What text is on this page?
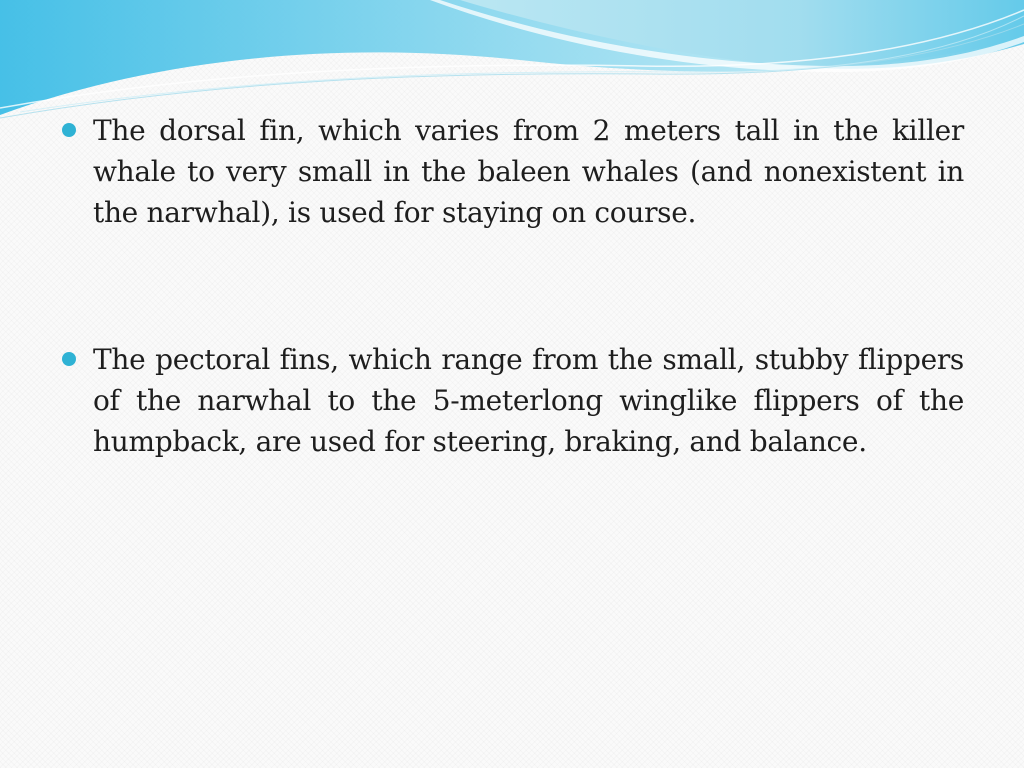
The dorsal fin, which varies from 2 meters tall in the killer whale to very small in the baleen whales (and nonexistent in the narwhal), is used for staying on course.
The pectoral fins, which range from the small, stubby flippers of the narwhal to the 5-meterlong winglike flippers of the humpback, are used for steering, braking, and balance.
